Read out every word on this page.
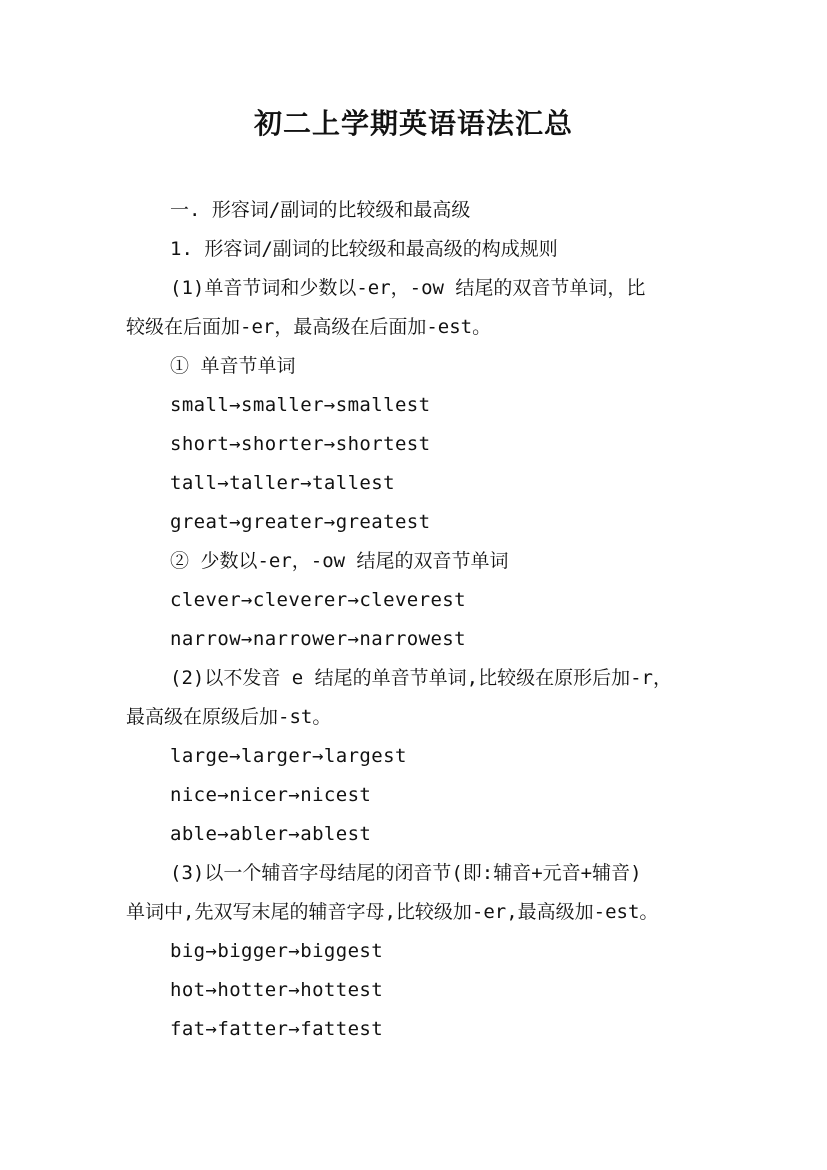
初二上学期英语语法汇总

一. 形容词/副词的比较级和最高级

1. 形容词/副词的比较级和最高级的构成规则

(1)单音节词和少数以-er，-ow 结尾的双音节单词，比

较级在后面加-er，最高级在后面加-est。

① 单音节单词

small→smaller→smallest

short→shorter→shortest

tall→taller→tallest

great→greater→greatest

② 少数以-er，-ow 结尾的双音节单词

clever→cleverer→cleverest

narrow→narrower→narrowest

(2)以不发音 e 结尾的单音节单词,比较级在原形后加-r，

最高级在原级后加-st。

large→larger→largest

nice→nicer→nicest

able→abler→ablest

(3)以一个辅音字母结尾的闭音节(即:辅音+元音+辅音)

单词中,先双写末尾的辅音字母,比较级加-er,最高级加-est。

big→bigger→biggest

hot→hotter→hottest

fat→fatter→fattest
